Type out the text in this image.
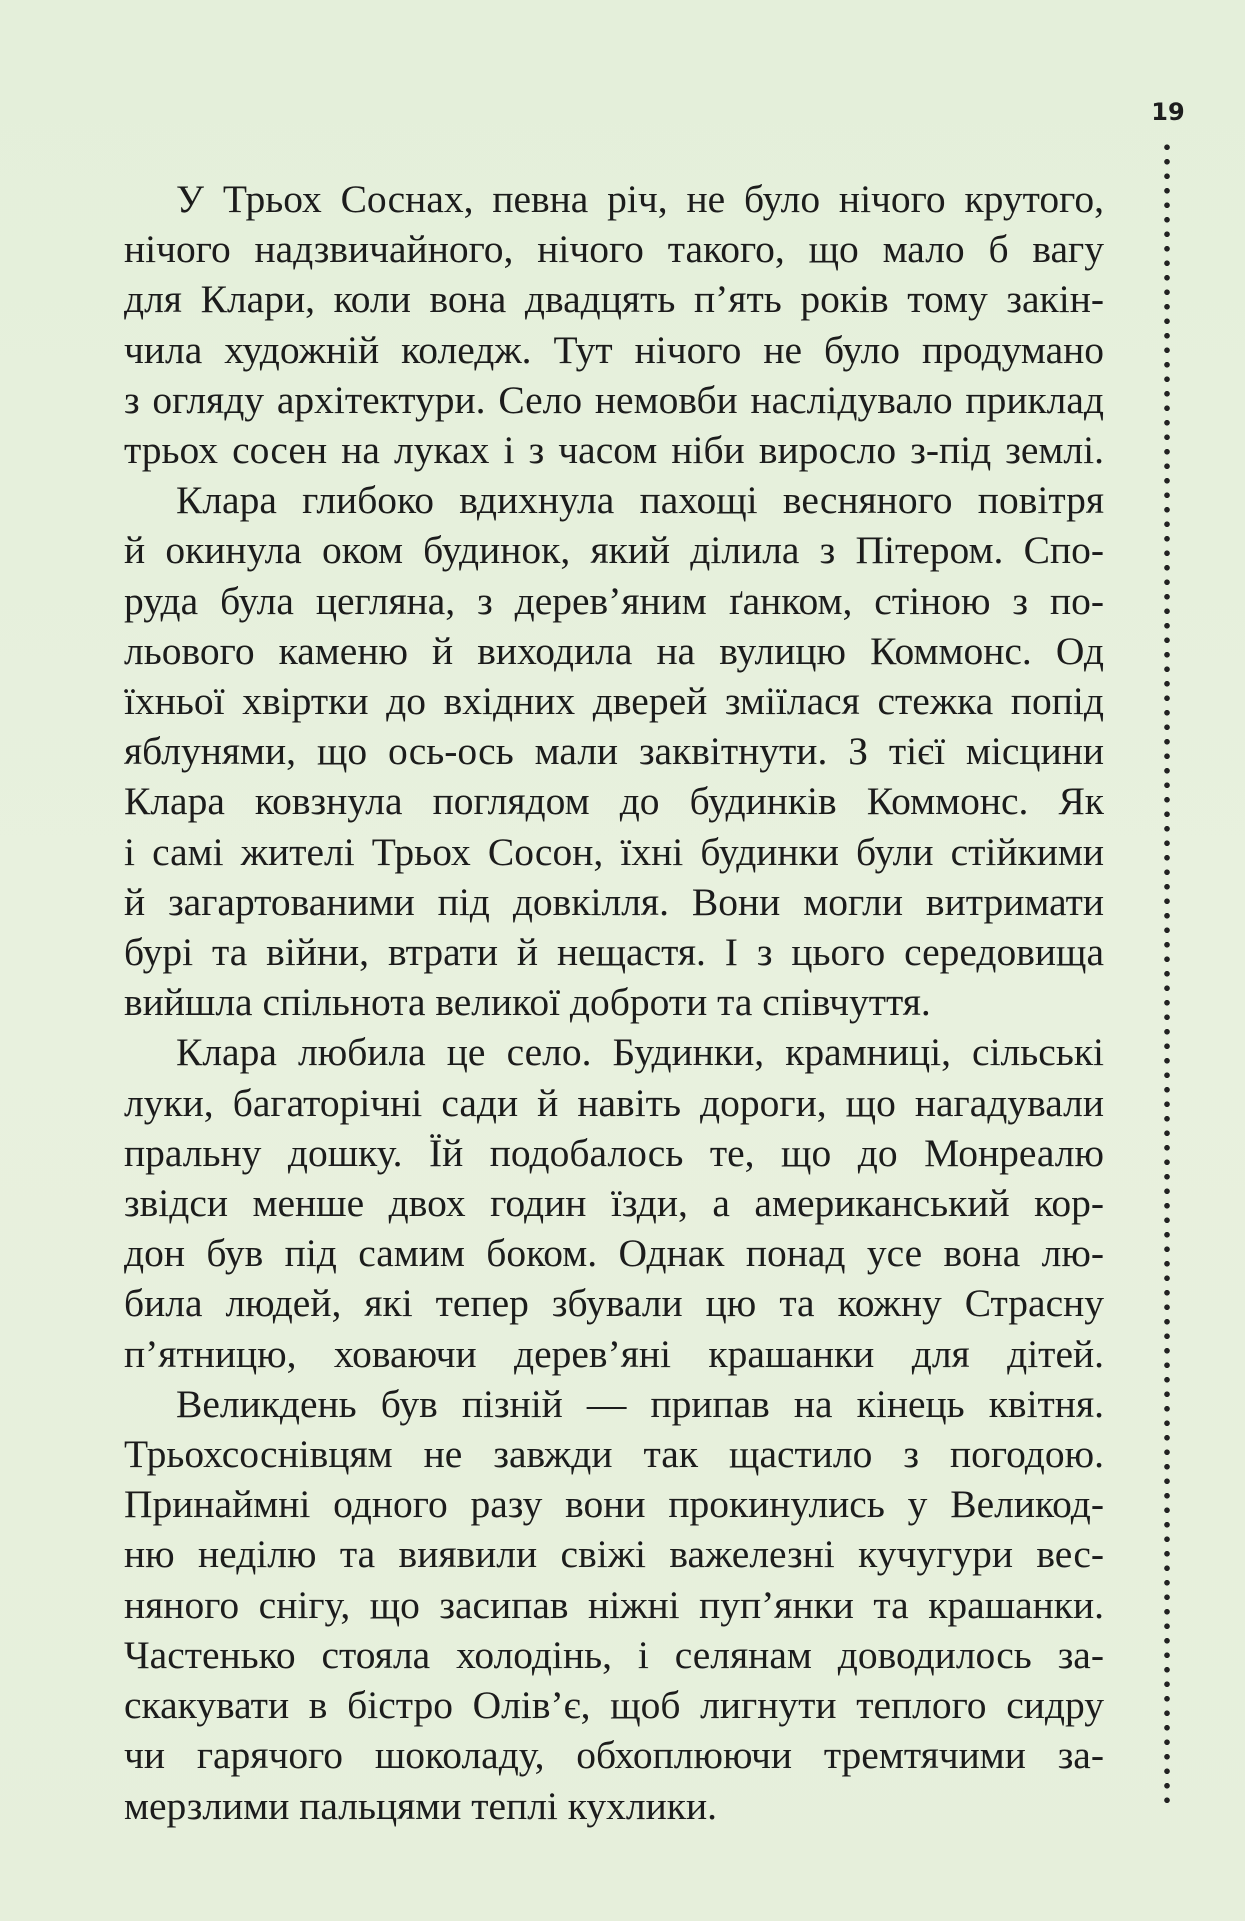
19
У Трьох Соснах, певна річ, не було нічого крутого,
нічого надзвичайного, нічого такого, що мало б вагу
для Клари, коли вона двадцять п’ять років тому закін-
чила художній коледж. Тут нічого не було продумано
з огляду архітектури. Село немовби наслідувало приклад
трьох сосен на луках і з часом ніби виросло з-під землі.
Клара глибоко вдихнула пахощі весняного повітря
й окинула оком будинок, який ділила з Пітером. Спо-
руда була цегляна, з дерев’яним ґанком, стіною з по-
льового каменю й виходила на вулицю Коммонс. Од
їхньої хвіртки до вхідних дверей зміїлася стежка попід
яблунями, що ось-ось мали заквітнути. З тієї місцини
Клара ковзнула поглядом до будинків Коммонс. Як
і самі жителі Трьох Сосон, їхні будинки були стійкими
й загартованими під довкілля. Вони могли витримати
бурі та війни, втрати й нещастя. І з цього середовища
вийшла спільнота великої доброти та співчуття.
Клара любила це село. Будинки, крамниці, сільські
луки, багаторічні сади й навіть дороги, що нагадували
пральну дошку. Їй подобалось те, що до Монреалю
звідси менше двох годин їзди, а американський кор-
дон був під самим боком. Однак понад усе вона лю-
била людей, які тепер збували цю та кожну Страсну
п’ятницю, ховаючи дерев’яні крашанки для дітей.
Великдень був пізній — припав на кінець квітня.
Трьохсоснівцям не завжди так щастило з погодою.
Принаймні одного разу вони прокинулись у Великод-
ню неділю та виявили свіжі важелезні кучугури вес-
няного снігу, що засипав ніжні пуп’янки та крашанки.
Частенько стояла холодінь, і селянам доводилось за-
скакувати в бістро Олів’є, щоб лигнути теплого сидру
чи гарячого шоколаду, обхоплюючи тремтячими за-
мерзлими пальцями теплі кухлики.
